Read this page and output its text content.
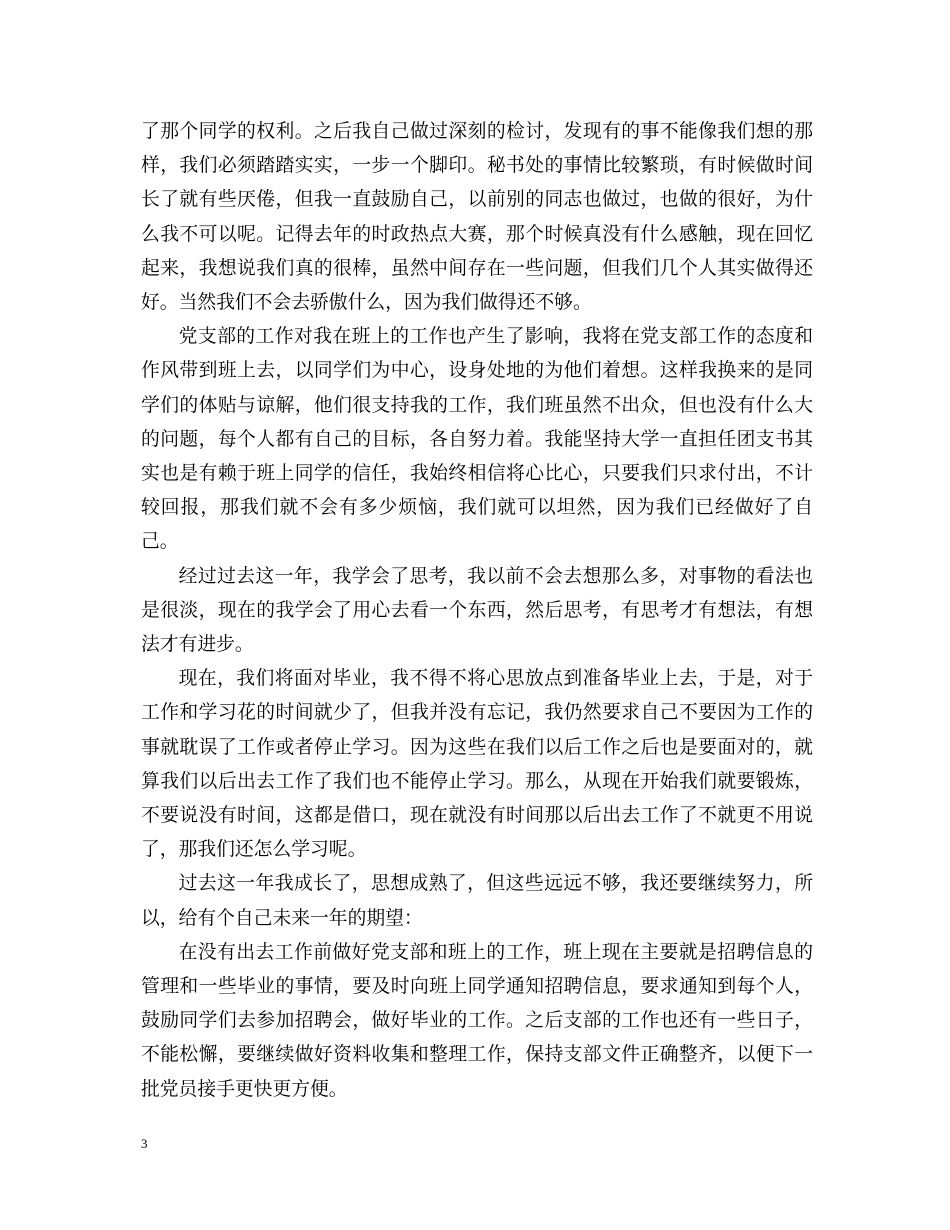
了那个同学的权利。之后我自己做过深刻的检讨，发现有的事不能像我们想的那样，我们必须踏踏实实，一步一个脚印。秘书处的事情比较繁琐，有时候做时间长了就有些厌倦，但我一直鼓励自己，以前别的同志也做过，也做的很好，为什么我不可以呢。记得去年的时政热点大赛，那个时候真没有什么感触，现在回忆起来，我想说我们真的很棒，虽然中间存在一些问题，但我们几个人其实做得还好。当然我们不会去骄傲什么，因为我们做得还不够。

党支部的工作对我在班上的工作也产生了影响，我将在党支部工作的态度和作风带到班上去，以同学们为中心，设身处地的为他们着想。这样我换来的是同学们的体贴与谅解，他们很支持我的工作，我们班虽然不出众，但也没有什么大的问题，每个人都有自己的目标，各自努力着。我能坚持大学一直担任团支书其实也是有赖于班上同学的信任，我始终相信将心比心，只要我们只求付出，不计较回报，那我们就不会有多少烦恼，我们就可以坦然，因为我们已经做好了自己。

经过过去这一年，我学会了思考，我以前不会去想那么多，对事物的看法也是很淡，现在的我学会了用心去看一个东西，然后思考，有思考才有想法，有想法才有进步。

现在，我们将面对毕业，我不得不将心思放点到准备毕业上去，于是，对于工作和学习花的时间就少了，但我并没有忘记，我仍然要求自己不要因为工作的事就耽误了工作或者停止学习。因为这些在我们以后工作之后也是要面对的，就算我们以后出去工作了我们也不能停止学习。那么，从现在开始我们就要锻炼，不要说没有时间，这都是借口，现在就没有时间那以后出去工作了不就更不用说了，那我们还怎么学习呢。

过去这一年我成长了，思想成熟了，但这些远远不够，我还要继续努力，所以，给有个自己未来一年的期望：

在没有出去工作前做好党支部和班上的工作，班上现在主要就是招聘信息的管理和一些毕业的事情，要及时向班上同学通知招聘信息，要求通知到每个人，鼓励同学们去参加招聘会，做好毕业的工作。之后支部的工作也还有一些日子，不能松懈，要继续做好资料收集和整理工作，保持支部文件正确整齐，以便下一批党员接手更快更方便。

3
